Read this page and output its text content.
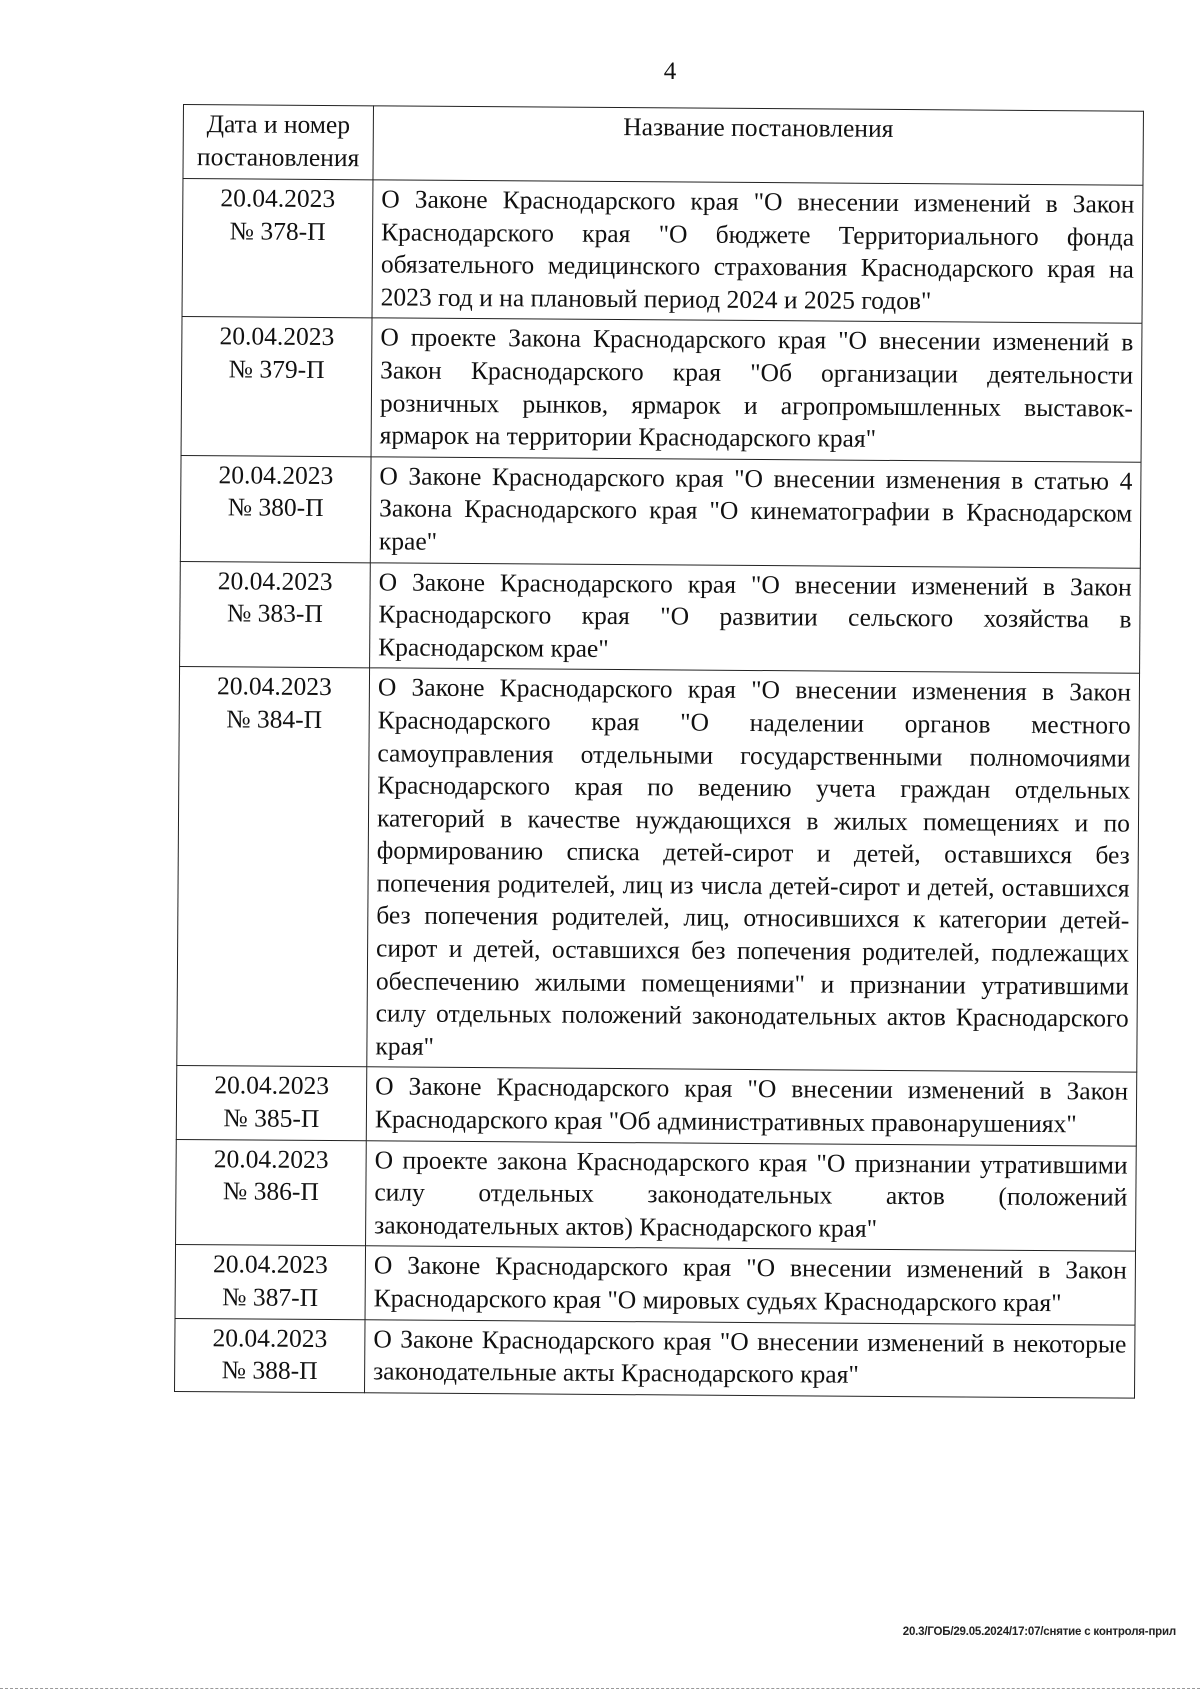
4
Дата и номер постановления	Название постановления

20.04.2023
№ 378-П	О Законе Краснодарского края "О внесении изменений в Закон Краснодарского края "О бюджете Территориального фонда обязательного медицинского страхования Краснодарского края на 2023 год и на плановый период 2024 и 2025 годов"

20.04.2023
№ 379-П	О проекте Закона Краснодарского края "О внесении изменений в Закон Краснодарского края "Об организации деятельности розничных рынков, ярмарок и агропромышленных выставок-ярмарок на территории Краснодарского края"

20.04.2023
№ 380-П	О Законе Краснодарского края "О внесении изменения в статью 4 Закона Краснодарского края "О кинематографии в Краснодарском крае"

20.04.2023
№ 383-П	О Законе Краснодарского края "О внесении изменений в Закон Краснодарского края "О развитии сельского хозяйства в Краснодарском крае"

20.04.2023
№ 384-П	О Законе Краснодарского края "О внесении изменения в Закон Краснодарского края "О наделении органов местного самоуправления отдельными государственными полномочиями Краснодарского края по ведению учета граждан отдельных категорий в качестве нуждающихся в жилых помещениях и по формированию списка детей-сирот и детей, оставшихся без попечения родителей, лиц из числа детей-сирот и детей, оставшихся без попечения родителей, лиц, относившихся к категории детей-сирот и детей, оставшихся без попечения родителей, подлежащих обеспечению жилыми помещениями" и признании утратившими силу отдельных положений законодательных актов Краснодарского края"

20.04.2023
№ 385-П	О Законе Краснодарского края "О внесении изменений в Закон Краснодарского края "Об административных правонарушениях"

20.04.2023
№ 386-П	О проекте закона Краснодарского края "О признании утратившими силу отдельных законодательных актов (положений законодательных актов) Краснодарского края"

20.04.2023
№ 387-П	О Законе Краснодарского края "О внесении изменений в Закон Краснодарского края "О мировых судьях Краснодарского края"

20.04.2023
№ 388-П	О Законе Краснодарского края "О внесении изменений в некоторые законодательные акты Краснодарского края"
20.3/ГОБ/29.05.2024/17:07/снятие с контроля-прил
